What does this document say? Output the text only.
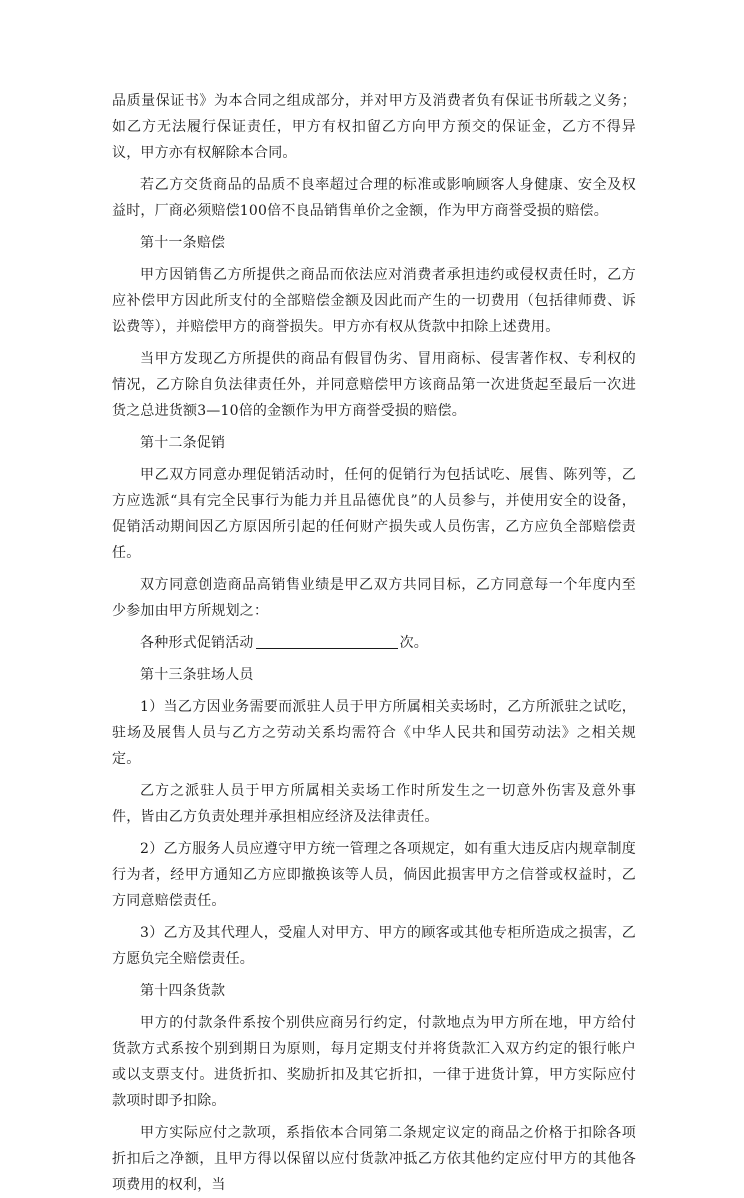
品质量保证书》为本合同之组成部分，并对甲方及消费者负有保证书所载之义务；如乙方无法履行保证责任，甲方有权扣留乙方向甲方预交的保证金，乙方不得异议，甲方亦有权解除本合同。

若乙方交货商品的品质不良率超过合理的标准或影响顾客人身健康、安全及权益时，厂商必须赔偿100倍不良品销售单价之金额，作为甲方商誉受损的赔偿。

第十一条赔偿

甲方因销售乙方所提供之商品而依法应对消费者承担违约或侵权责任时，乙方应补偿甲方因此所支付的全部赔偿金额及因此而产生的一切费用（包括律师费、诉讼费等），并赔偿甲方的商誉损失。甲方亦有权从货款中扣除上述费用。

当甲方发现乙方所提供的商品有假冒伪劣、冒用商标、侵害著作权、专利权的情况，乙方除自负法律责任外，并同意赔偿甲方该商品第一次进货起至最后一次进货之总进货额3—10倍的金额作为甲方商誉受损的赔偿。

第十二条促销

甲乙双方同意办理促销活动时，任何的促销行为包括试吃、展售、陈列等，乙方应选派“具有完全民事行为能力并且品德优良”的人员参与，并使用安全的设备，促销活动期间因乙方原因所引起的任何财产损失或人员伤害，乙方应负全部赔偿责任。

双方同意创造商品高销售业绩是甲乙双方共同目标，乙方同意每一个年度内至少参加由甲方所规划之：

各种形式促销活动	次。

第十三条驻场人员

1）当乙方因业务需要而派驻人员于甲方所属相关卖场时，乙方所派驻之试吃，驻场及展售人员与乙方之劳动关系均需符合《中华人民共和国劳动法》之相关规定。

乙方之派驻人员于甲方所属相关卖场工作时所发生之一切意外伤害及意外事件，皆由乙方负责处理并承担相应经济及法律责任。

2）乙方服务人员应遵守甲方统一管理之各项规定，如有重大违反店内规章制度行为者，经甲方通知乙方应即撤换该等人员，倘因此损害甲方之信誉或权益时，乙方同意赔偿责任。

3）乙方及其代理人，受雇人对甲方、甲方的顾客或其他专柜所造成之损害，乙方愿负完全赔偿责任。

第十四条货款

甲方的付款条件系按个别供应商另行约定，付款地点为甲方所在地，甲方给付货款方式系按个别到期日为原则，每月定期支付并将货款汇入双方约定的银行帐户或以支票支付。进货折扣、奖励折扣及其它折扣，一律于进货计算，甲方实际应付款项时即予扣除。

甲方实际应付之款项，系指依本合同第二条规定议定的商品之价格于扣除各项折扣后之净额，且甲方得以保留以应付货款冲抵乙方依其他约定应付甲方的其他各项费用的权利，当
